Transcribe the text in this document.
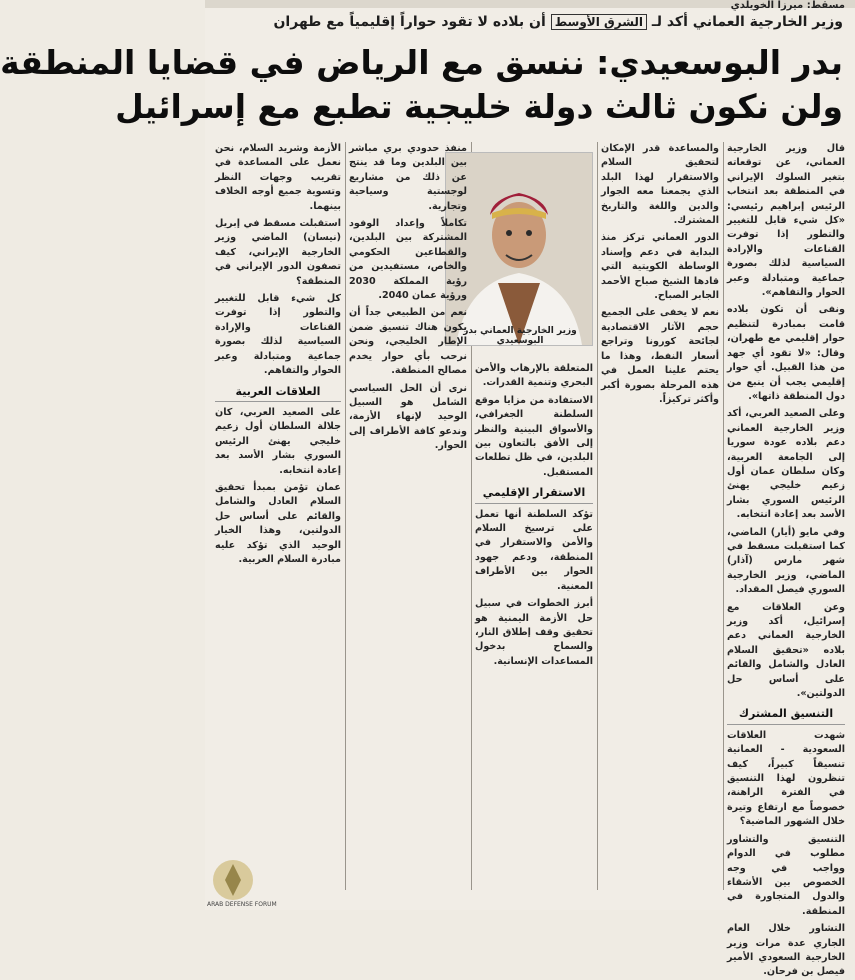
مسقط: ميرزا الخويلدي
وزير الخارجية العماني أكد لـ الشرق الأوسط أن بلاده لا تقود حواراً إقليمياً مع طهران
بدر البوسعيدي: ننسق مع الرياض في قضايا المنطقة
ولن نكون ثالث دولة خليجية تطبع مع إسرائيل

قال وزير الخارجية العماني، عن توقعاته بتغير السلوك الإيراني في المنطقة بعد انتخاب الرئيس إبراهيم رئيسي: «كل شيء قابل للتغيير والتطور إذا توفرت القناعات والإرادة السياسية لذلك بصورة جماعية ومتبادلة وعبر الحوار والتفاهم».

ونفى أن تكون بلاده قامت بمبادرة لتنظيم حوار إقليمي مع طهران، وقال: «لا تقود أي جهد من هذا القبيل. أي حوار إقليمي يجب أن ينبع من دول المنطقة ذاتها».

وعلى الصعيد العربي، أكد وزير الخارجية العماني دعم بلاده عودة سوريا إلى الجامعة العربية، وكان سلطان عمان أول زعيم خليجي يهنئ الرئيس السوري بشار الأسد بعد إعادة انتخابه.

وفي مايو (أيار) الماضي، كما استقبلت مسقط في شهر مارس (آذار) الماضي، وزير الخارجية السوري فيصل المقداد.

وعن العلاقات مع إسرائيل، أكد وزير الخارجية العماني دعم بلاده «تحقيق السلام العادل والشامل والقائم على أساس حل الدولتين».

التنسيق المشترك

شهدت العلاقات السعودية - العمانية تنسيقاً كبيراً، كيف تنظرون لهذا التنسيق في الفترة الراهنة، خصوصاً مع ارتفاع وتيرة خلال الشهور الماضية؟

التنسيق والتشاور مطلوب في الدوام وواجب في وجه الخصوص بين الأشقاء والدول المتجاورة في المنطقة.

التشاور خلال العام الجاري عدة مرات وزير الخارجية السعودي الأمير فيصل بن فرحان.

والمساعدة قدر الإمكان لتحقيق السلام والاستقرار لهذا البلد الذي يجمعنا معه الجوار والدين واللغة والتاريخ المشترك.

الدور العماني تركز منذ البداية في دعم وإسناد الوساطة الكويتية التي قادها الشيخ صباح الأحمد الجابر الصباح.

نعم لا يخفى على الجميع حجم الآثار الاقتصادية لجائحة كورونا وتراجع أسعار النفط، وهذا ما يحتم علينا العمل في هذه المرحلة بصورة أكبر وأكثر تركيزاً.

وزير الخارجية العماني بدر البوسعيدي

المتعلقة بالإرهاب والأمن البحري وتنمية القدرات.

الاستفادة من مزايا موقع السلطنة الجغرافي، والأسواق البينية والنظر إلى الأفق بالتعاون بين البلدين، في ظل تطلعات المستقبل.

الاستقرار الإقليمي

تؤكد السلطنة أنها تعمل على ترسيخ السلام والأمن والاستقرار في المنطقة، ودعم جهود الحوار بين الأطراف المعنية.

أبرز الخطوات في سبيل حل الأزمة اليمنية هو تحقيق وقف إطلاق النار، والسماح بدخول المساعدات الإنسانية.

منفذ حدودي بري مباشر بين البلدين وما قد ينتج عن ذلك من مشاريع لوجستية وسياحية وتجارية.

تكاملاً وإعداد الوفود المشتركة بين البلدين، والقطاعين الحكومي والخاص، مستفيدين من رؤية المملكة 2030 ورؤية عمان 2040.

نعم من الطبيعي جداً أن يكون هناك تنسيق ضمن الإطار الخليجي، ونحن نرحب بأي حوار يخدم مصالح المنطقة.

نرى أن الحل السياسي الشامل هو السبيل الوحيد لإنهاء الأزمة، وندعو كافة الأطراف إلى الحوار.

الأزمة وشريد السلام، نحن نعمل على المساعدة في تقريب وجهات النظر وتسوية جميع أوجه الخلاف بينهما.

استقبلت مسقط في إبريل (نيسان) الماضي وزير الخارجية الإيراني، كيف تصفون الدور الإيراني في المنطقة؟

كل شيء قابل للتغيير والتطور إذا توفرت القناعات والإرادة السياسية لذلك بصورة جماعية ومتبادلة وعبر الحوار والتفاهم.

العلاقات العربية

على الصعيد العربي، كان جلالة السلطان أول زعيم خليجي يهنئ الرئيس السوري بشار الأسد بعد إعادة انتخابه.

عمان تؤمن بمبدأ تحقيق السلام العادل والشامل والقائم على أساس حل الدولتين، وهذا الخيار الوحيد الذي تؤكد عليه مبادرة السلام العربية.

ARAB DEFENSE FORUM
